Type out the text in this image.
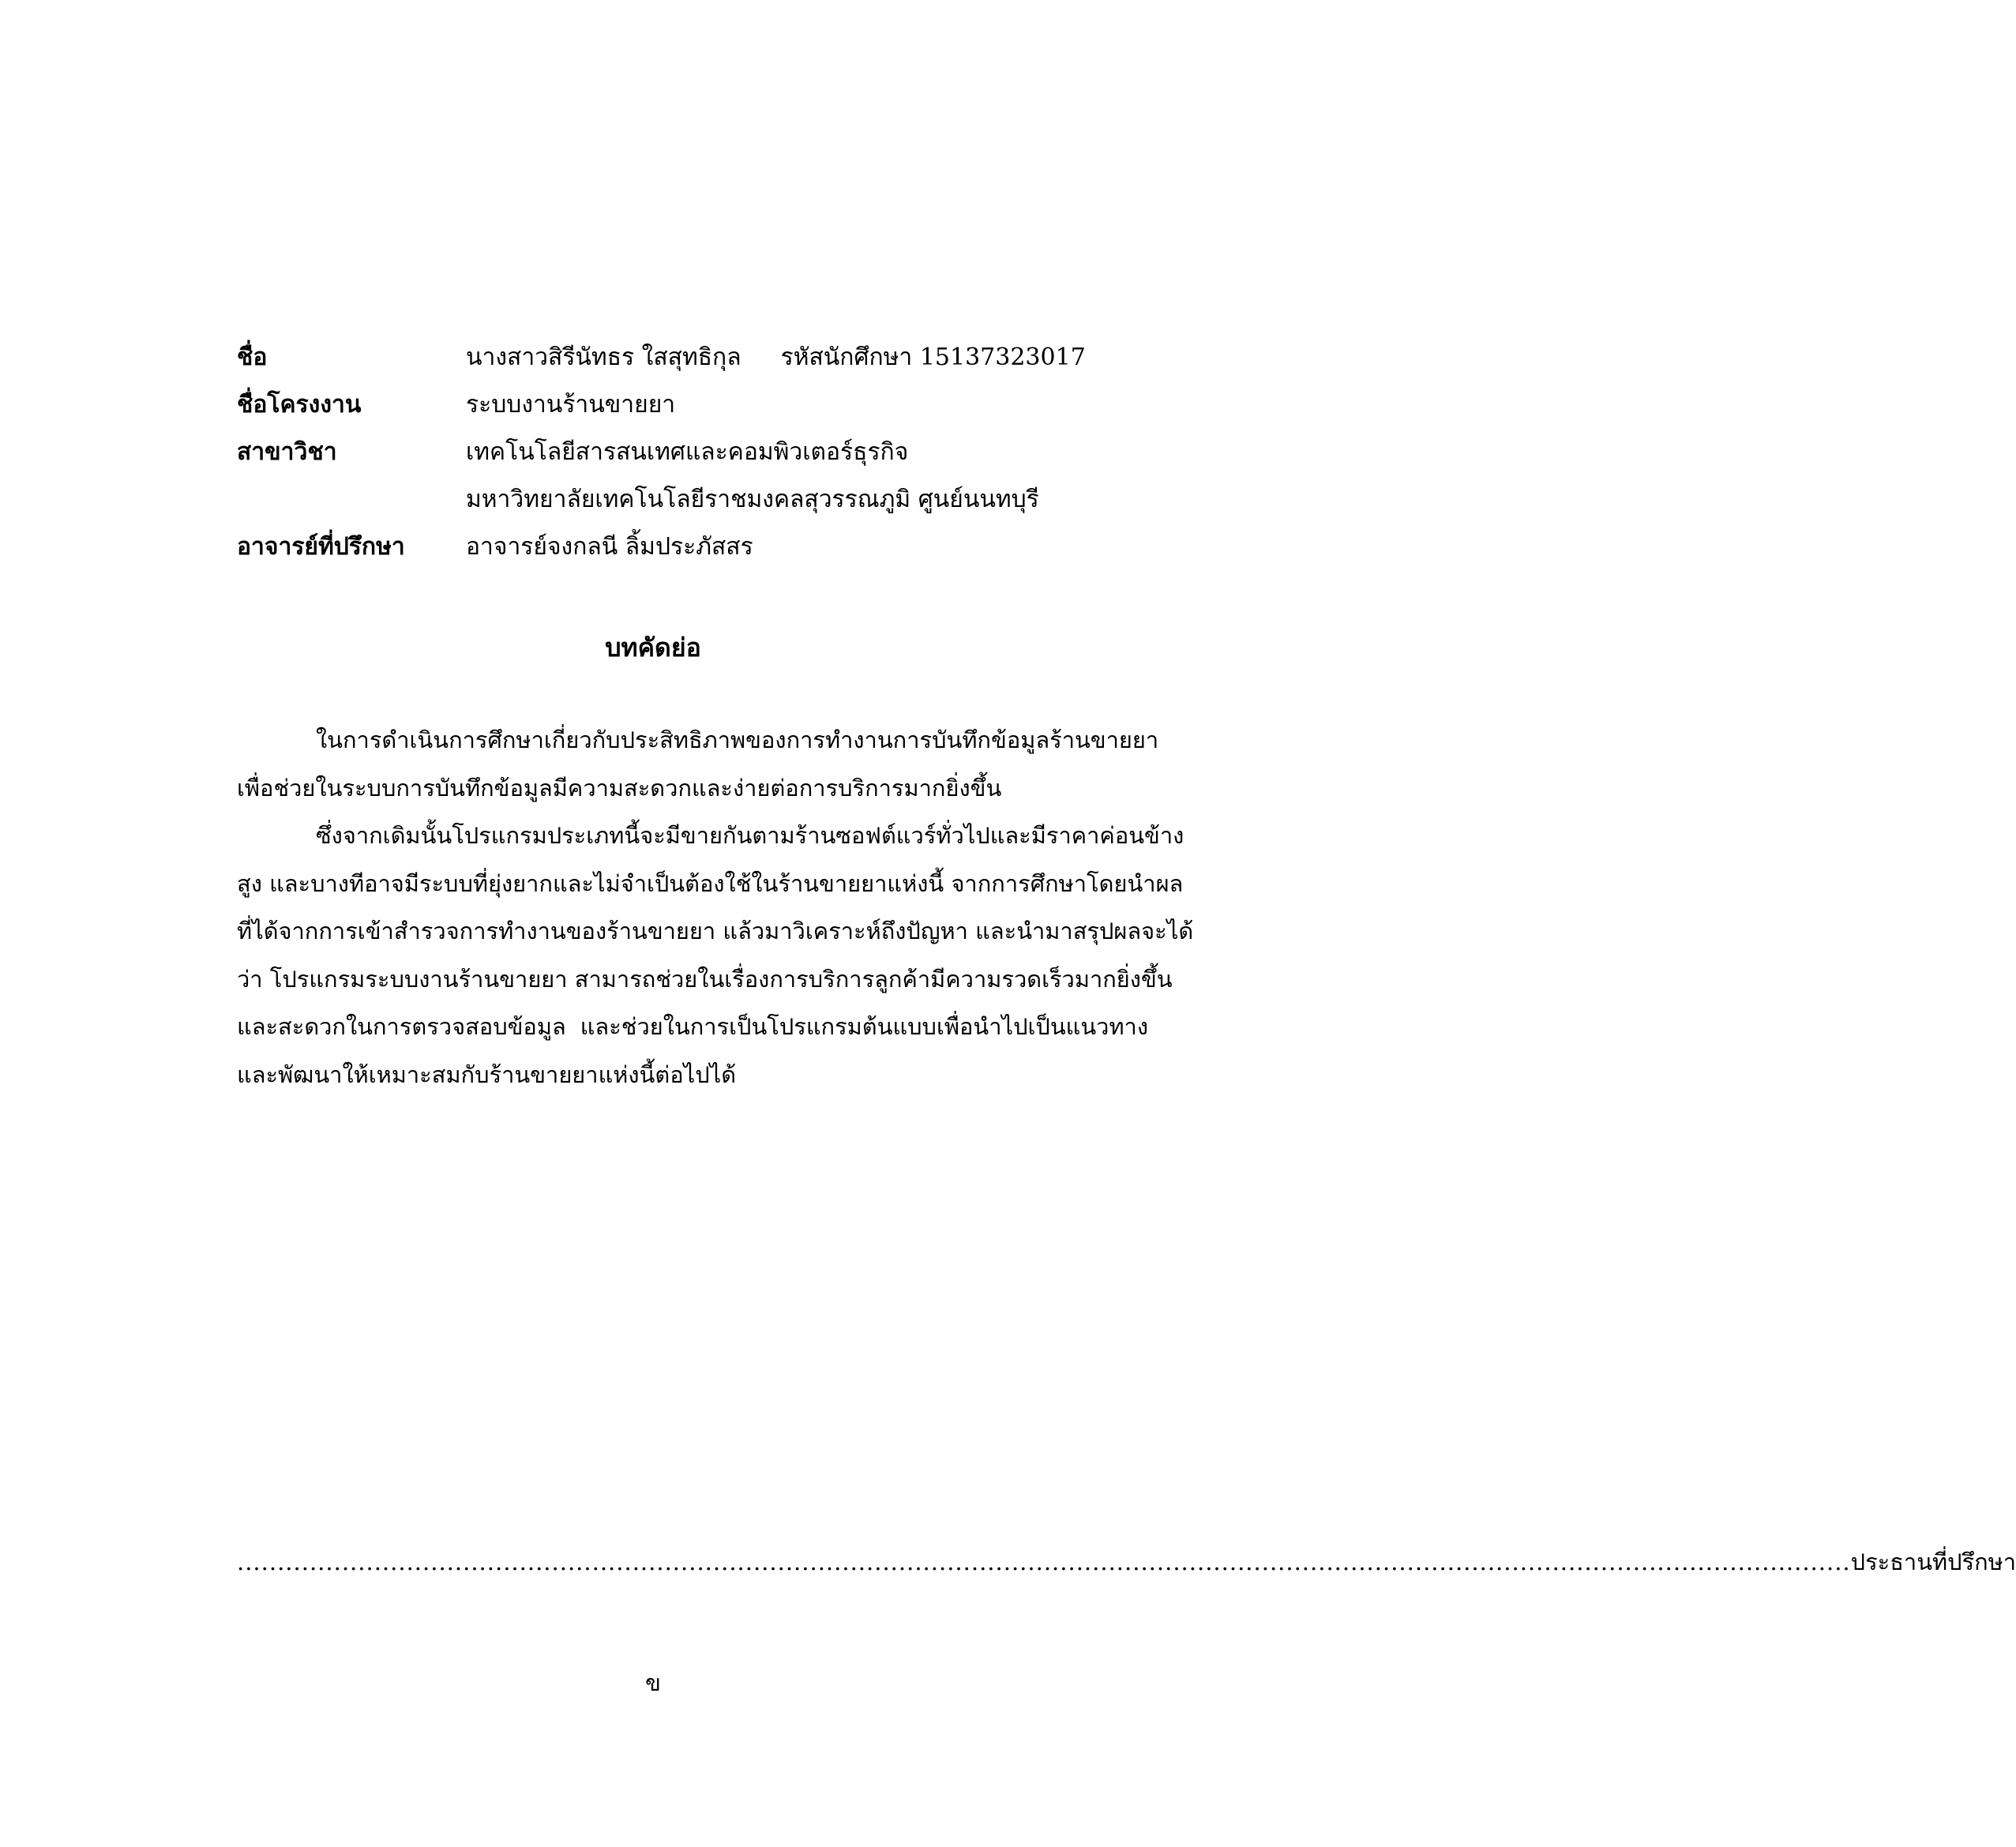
ชื่อ	นางสาวสิรีนัทธร ใสสุทธิกุล รหัสนักศึกษา 15137323017
ชื่อโครงงาน	ระบบงานร้านขายยา
สาขาวิชา	เทคโนโลยีสารสนเทศและคอมพิวเตอร์ธุรกิจ
มหาวิทยาลัยเทคโนโลยีราชมงคลสุวรรณภูมิ ศูนย์นนทบุรี
อาจารย์ที่ปรึกษา	อาจารย์จงกลนี ลิ้มประภัสสร
บทคัดย่อ

ในการดำเนินการศึกษาเกี่ยวกับประสิทธิภาพของการทำงานการบันทึกข้อมูลร้านขายยา
เพื่อช่วยในระบบการบันทึกข้อมูลมีความสะดวกและง่ายต่อการบริการมากยิ่งขึ้น

ซึ่งจากเดิมนั้นโปรแกรมประเภทนี้จะมีขายกันตามร้านซอฟต์แวร์ทั่วไปและมีราคาค่อนข้าง
สูง และบางทีอาจมีระบบที่ยุ่งยากและไม่จำเป็นต้องใช้ในร้านขายยาแห่งนี้ จากการศึกษาโดยนำผล
ที่ได้จากการเข้าสำรวจการทำงานของร้านขายยา แล้วมาวิเคราะห์ถึงปัญหา และนำมาสรุปผลจะได้
ว่า โปรแกรมระบบงานร้านขายยา สามารถช่วยในเรื่องการบริการลูกค้ามีความรวดเร็วมากยิ่งขึ้น
และสะดวกในการตรวจสอบข้อมูล และช่วยในการเป็นโปรแกรมต้นแบบเพื่อนำไปเป็นแนวทาง
และพัฒนาให้เหมาะสมกับร้านขายยาแห่งนี้ต่อไปได้

........................................................................................................................................................................................................ ประธานที่ปรึกษา
ข
